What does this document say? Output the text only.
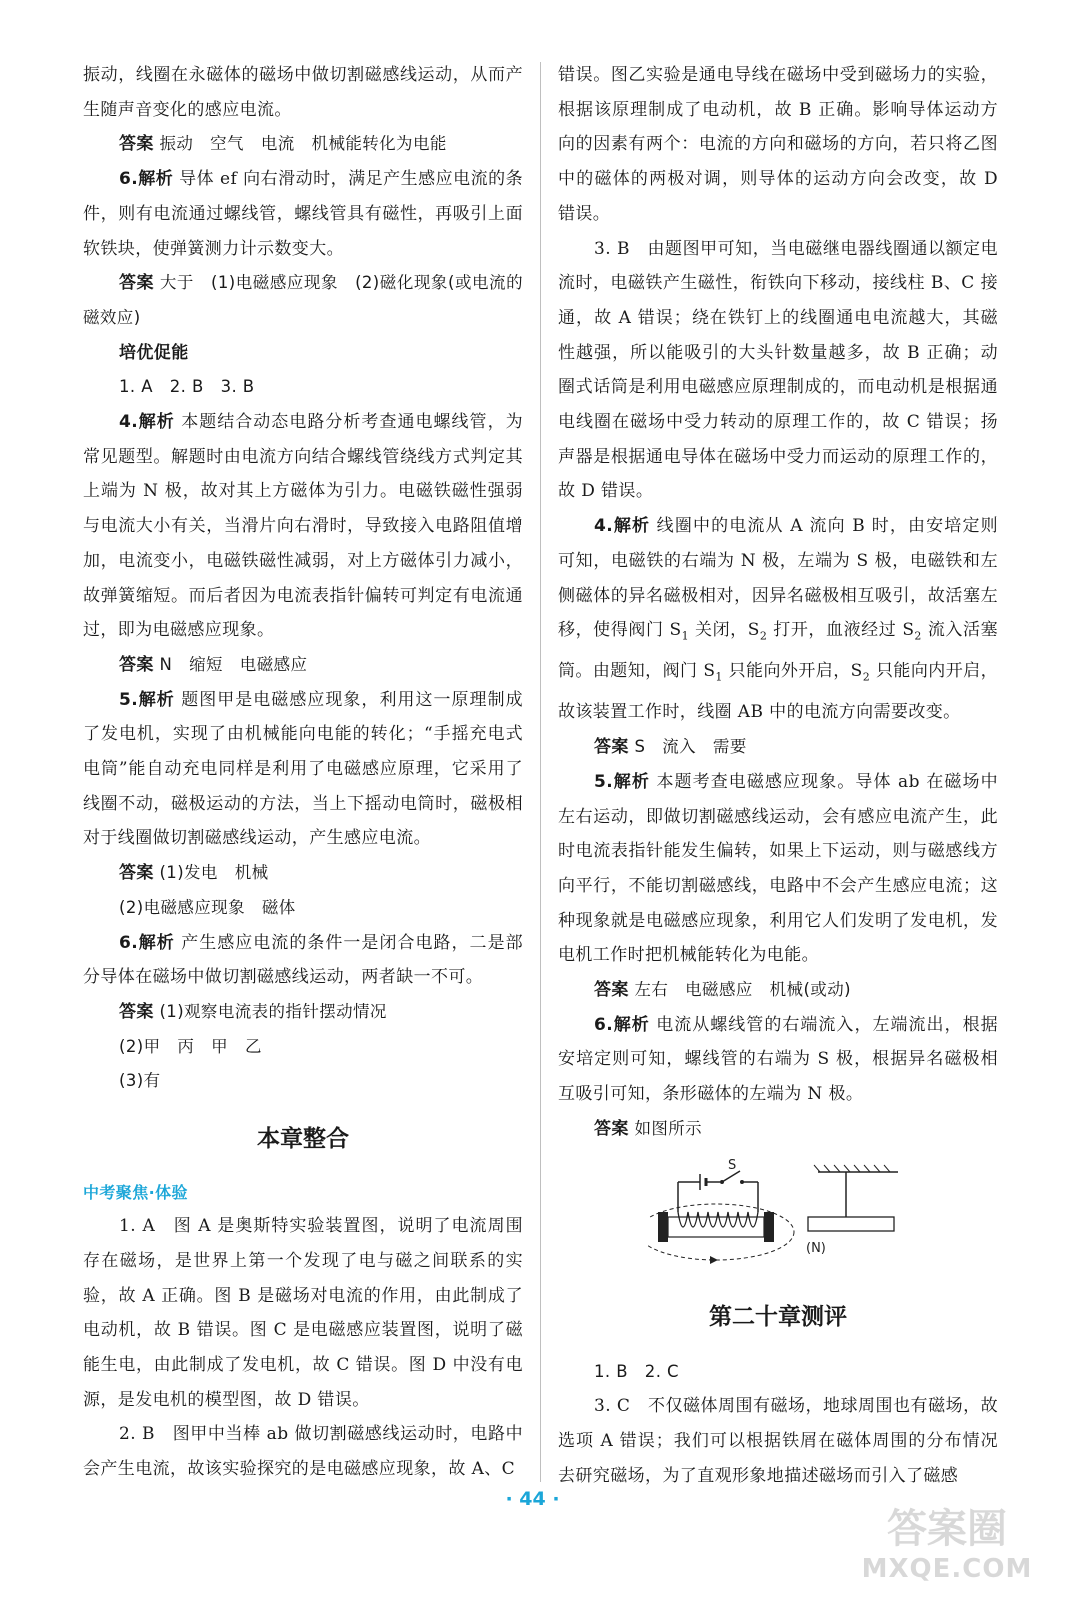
振动，线圈在永磁体的磁场中做切割磁感线运动，从而产生随声音变化的感应电流。

答案 振动　空气　电流　机械能转化为电能

6.解析 导体 ef 向右滑动时，满足产生感应电流的条件，则有电流通过螺线管，螺线管具有磁性，再吸引上面软铁块，使弹簧测力计示数变大。

答案 大于　(1)电磁感应现象　(2)磁化现象(或电流的磁效应)

培优促能

1. A　2. B　3. B

4.解析 本题结合动态电路分析考查通电螺线管，为常见题型。解题时由电流方向结合螺线管绕线方式判定其上端为 N 极，故对其上方磁体为引力。电磁铁磁性强弱与电流大小有关，当滑片向右滑时，导致接入电路阻值增加，电流变小，电磁铁磁性减弱，对上方磁体引力减小，故弹簧缩短。而后者因为电流表指针偏转可判定有电流通过，即为电磁感应现象。

答案 N　缩短　电磁感应

5.解析 题图甲是电磁感应现象，利用这一原理制成了发电机，实现了由机械能向电能的转化；“手摇充电式电筒”能自动充电同样是利用了电磁感应原理，它采用了线圈不动，磁极运动的方法，当上下摇动电筒时，磁极相对于线圈做切割磁感线运动，产生感应电流。

答案 (1)发电　机械

(2)电磁感应现象　磁体

6.解析 产生感应电流的条件一是闭合电路，二是部分导体在磁场中做切割磁感线运动，两者缺一不可。

答案 (1)观察电流表的指针摆动情况

(2)甲　丙　甲　乙

(3)有

本章整合

中考聚焦·体验

1. A　图 A 是奥斯特实验装置图，说明了电流周围存在磁场，是世界上第一个发现了电与磁之间联系的实验，故 A 正确。图 B 是磁场对电流的作用，由此制成了电动机，故 B 错误。图 C 是电磁感应装置图，说明了磁能生电，由此制成了发电机，故 C 错误。图 D 中没有电源，是发电机的模型图，故 D 错误。

2. B　图甲中当棒 ab 做切割磁感线运动时，电路中会产生电流，故该实验探究的是电磁感应现象，故 A、C

错误。图乙实验是通电导线在磁场中受到磁场力的实验，根据该原理制成了电动机，故 B 正确。影响导体运动方向的因素有两个：电流的方向和磁场的方向，若只将乙图中的磁体的两极对调，则导体的运动方向会改变，故 D 错误。

3. B　由题图甲可知，当电磁继电器线圈通以额定电流时，电磁铁产生磁性，衔铁向下移动，接线柱 B、C 接通，故 A 错误；绕在铁钉上的线圈通电电流越大，其磁性越强，所以能吸引的大头针数量越多，故 B 正确；动圈式话筒是利用电磁感应原理制成的，而电动机是根据通电线圈在磁场中受力转动的原理工作的，故 C 错误；扬声器是根据通电导体在磁场中受力而运动的原理工作的，故 D 错误。

4.解析 线圈中的电流从 A 流向 B 时，由安培定则可知，电磁铁的右端为 N 极，左端为 S 极，电磁铁和左侧磁体的异名磁极相对，因异名磁极相互吸引，故活塞左移，使得阀门 $S_1$ 关闭，$S_2$ 打开，血液经过 $S_2$ 流入活塞筒。由题知，阀门 $S_1$ 只能向外开启，$S_2$ 只能向内开启，故该装置工作时，线圈 AB 中的电流方向需要改变。

答案 S　流入　需要

5.解析 本题考查电磁感应现象。导体 ab 在磁场中左右运动，即做切割磁感线运动，会有感应电流产生，此时电流表指针能发生偏转，如果上下运动，则与磁感线方向平行，不能切割磁感线，电路中不会产生感应电流；这种现象就是电磁感应现象，利用它人们发明了发电机，发电机工作时把机械能转化为电能。

答案 左右　电磁感应　机械(或动)

6.解析 电流从螺线管的右端流入，左端流出，根据安培定则可知，螺线管的右端为 S 极，根据异名磁极相互吸引可知，条形磁体的左端为 N 极。

答案 如图所示

S
(N)
第二十章测评

1. B　2. C

3. C　不仅磁体周围有磁场，地球周围也有磁场，故选项 A 错误；我们可以根据铁屑在磁体周围的分布情况去研究磁场，为了直观形象地描述磁场而引入了磁感

· 44 ·
答案圈
MXQE.COM
